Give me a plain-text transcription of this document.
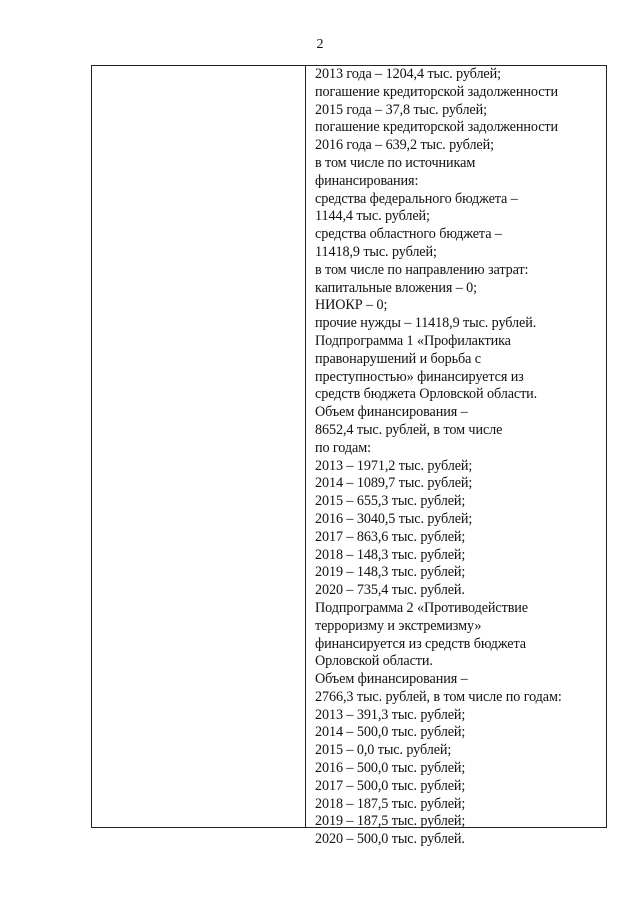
2
2013 года – 1204,4 тыс. рублей;
погашение кредиторской задолженности
2015 года – 37,8 тыс. рублей;
погашение кредиторской задолженности
2016 года – 639,2 тыс. рублей;
в том числе по источникам
финансирования:
средства федерального бюджета –
1144,4 тыс. рублей;
средства областного бюджета –
11418,9 тыс. рублей;
в том числе по направлению затрат:
капитальные вложения – 0;
НИОКР – 0;
прочие нужды – 11418,9 тыс. рублей.
Подпрограмма 1 «Профилактика
правонарушений и борьба с
преступностью» финансируется из
средств бюджета Орловской области.
Объем финансирования –
8652,4 тыс. рублей, в том числе
по годам:
2013 – 1971,2 тыс. рублей;
2014 – 1089,7 тыс. рублей;
2015 – 655,3 тыс. рублей;
2016 – 3040,5 тыс. рублей;
2017 – 863,6 тыс. рублей;
2018 – 148,3 тыс. рублей;
2019 – 148,3 тыс. рублей;
2020 – 735,4 тыс. рублей.
Подпрограмма 2 «Противодействие
терроризму и экстремизму»
финансируется из средств бюджета
Орловской области.
Объем финансирования –
2766,3 тыс. рублей, в том числе по годам:
2013 – 391,3 тыс. рублей;
2014 – 500,0 тыс. рублей;
2015 – 0,0 тыс. рублей;
2016 – 500,0 тыс. рублей;
2017 – 500,0 тыс. рублей;
2018 – 187,5 тыс. рублей;
2019 – 187,5 тыс. рублей;
2020 – 500,0 тыс. рублей.
